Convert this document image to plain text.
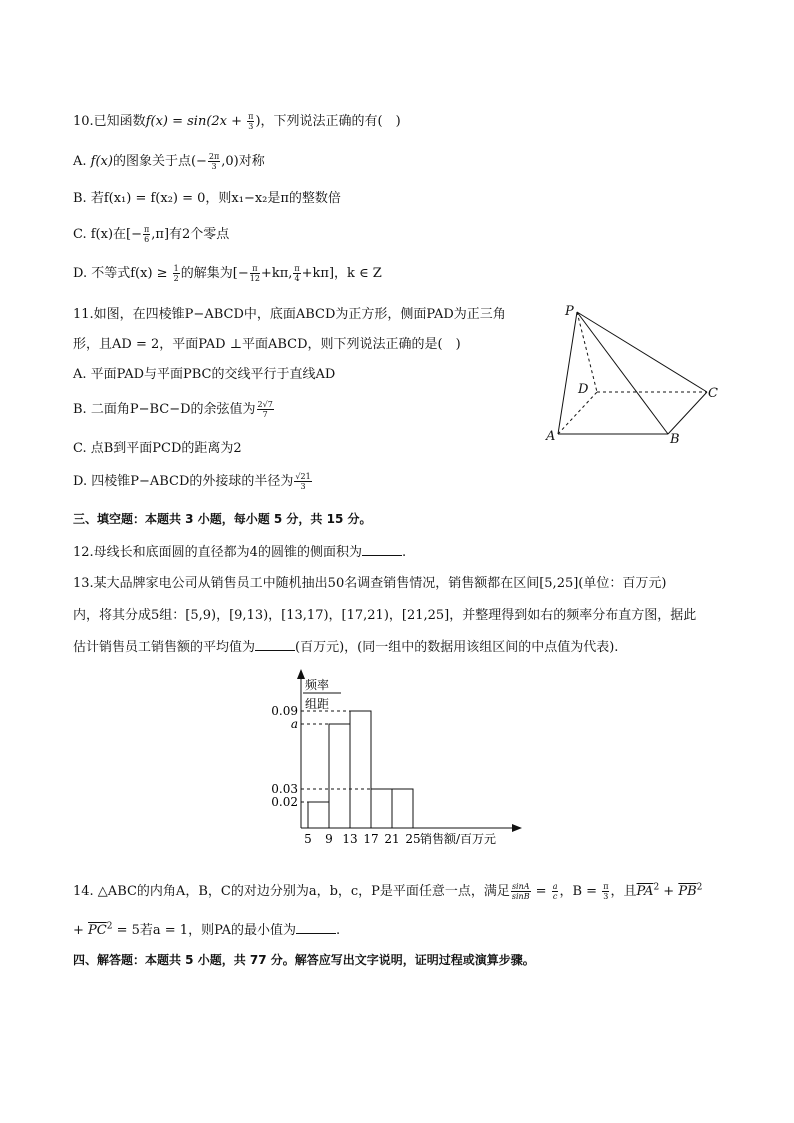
10.已知函数$f(x) = \sin(2x + \frac{\pi}{3}$ )，下列说法正确的有(　)
A. f(x)的图象关于点(− $\frac{2\pi}{3} ,0$)对称
B. 若f(x₁) = f(x₂) = 0，则x₁−x₂是π的整数倍
C. f(x)在[− $\frac{\pi}{6} ,\pi$]有2个零点
D. 不等式$f(x) \ge \frac{1}{2}$ 的解集为[− $\frac{\pi}{12} +k\pi$, $\frac{\pi}{4} +k\pi$]，k ∈ Z
11.如图，在四棱锥P−ABCD中，底面ABCD为正方形，侧面PAD为正三角
形，且AD = 2，平面PAD ⊥平面ABCD，则下列说法正确的是(　)
A. 平面PAD与平面PBC的交线平行于直线AD
B. 二面角P−BC−D的余弦值为 $\frac{2√7}{7}$
C. 点B到平面PCD的距离为2
D. 四棱锥P−ABCD的外接球的半径为 $\frac{√21}{3}$
P
D	C
A	B
三、填空题：本题共 3 小题，每小题 5 分，共 15 分。
12.母线长和底面圆的直径都为4的圆锥的侧面积为	.
13.某大品牌家电公司从销售员工中随机抽出50名调查销售情况，销售额都在区间[5,25](单位：百万元)
内，将其分成5组：[5,9)，[9,13)，[13,17)，[17,21)，[21,25]，并整理得到如右的频率分布直方图，据此
估计销售员工销售额的平均值为	(百万元)，(同一组中的数据用该组区间的中点值为代表).
频率
组距
0.09
a
0.03
0.02
5 9 13 17 21 25 销售额/百万元
14. △ABC的内角A，B，C的对边分别为a，b，c，P是平面任意一点，满足 $\frac{\sin A}{\sin B} = \frac{a}{c}$ ，$B = \frac{\pi}{3}$ ，且$\overline{PA}^2 + \overline{PB}^2$
+ $\overline{PC}^2 = 5$若a = 1，则PA的最小值为	.
四、解答题：本题共 5 小题，共 77 分。解答应写出文字说明，证明过程或演算步骤。
